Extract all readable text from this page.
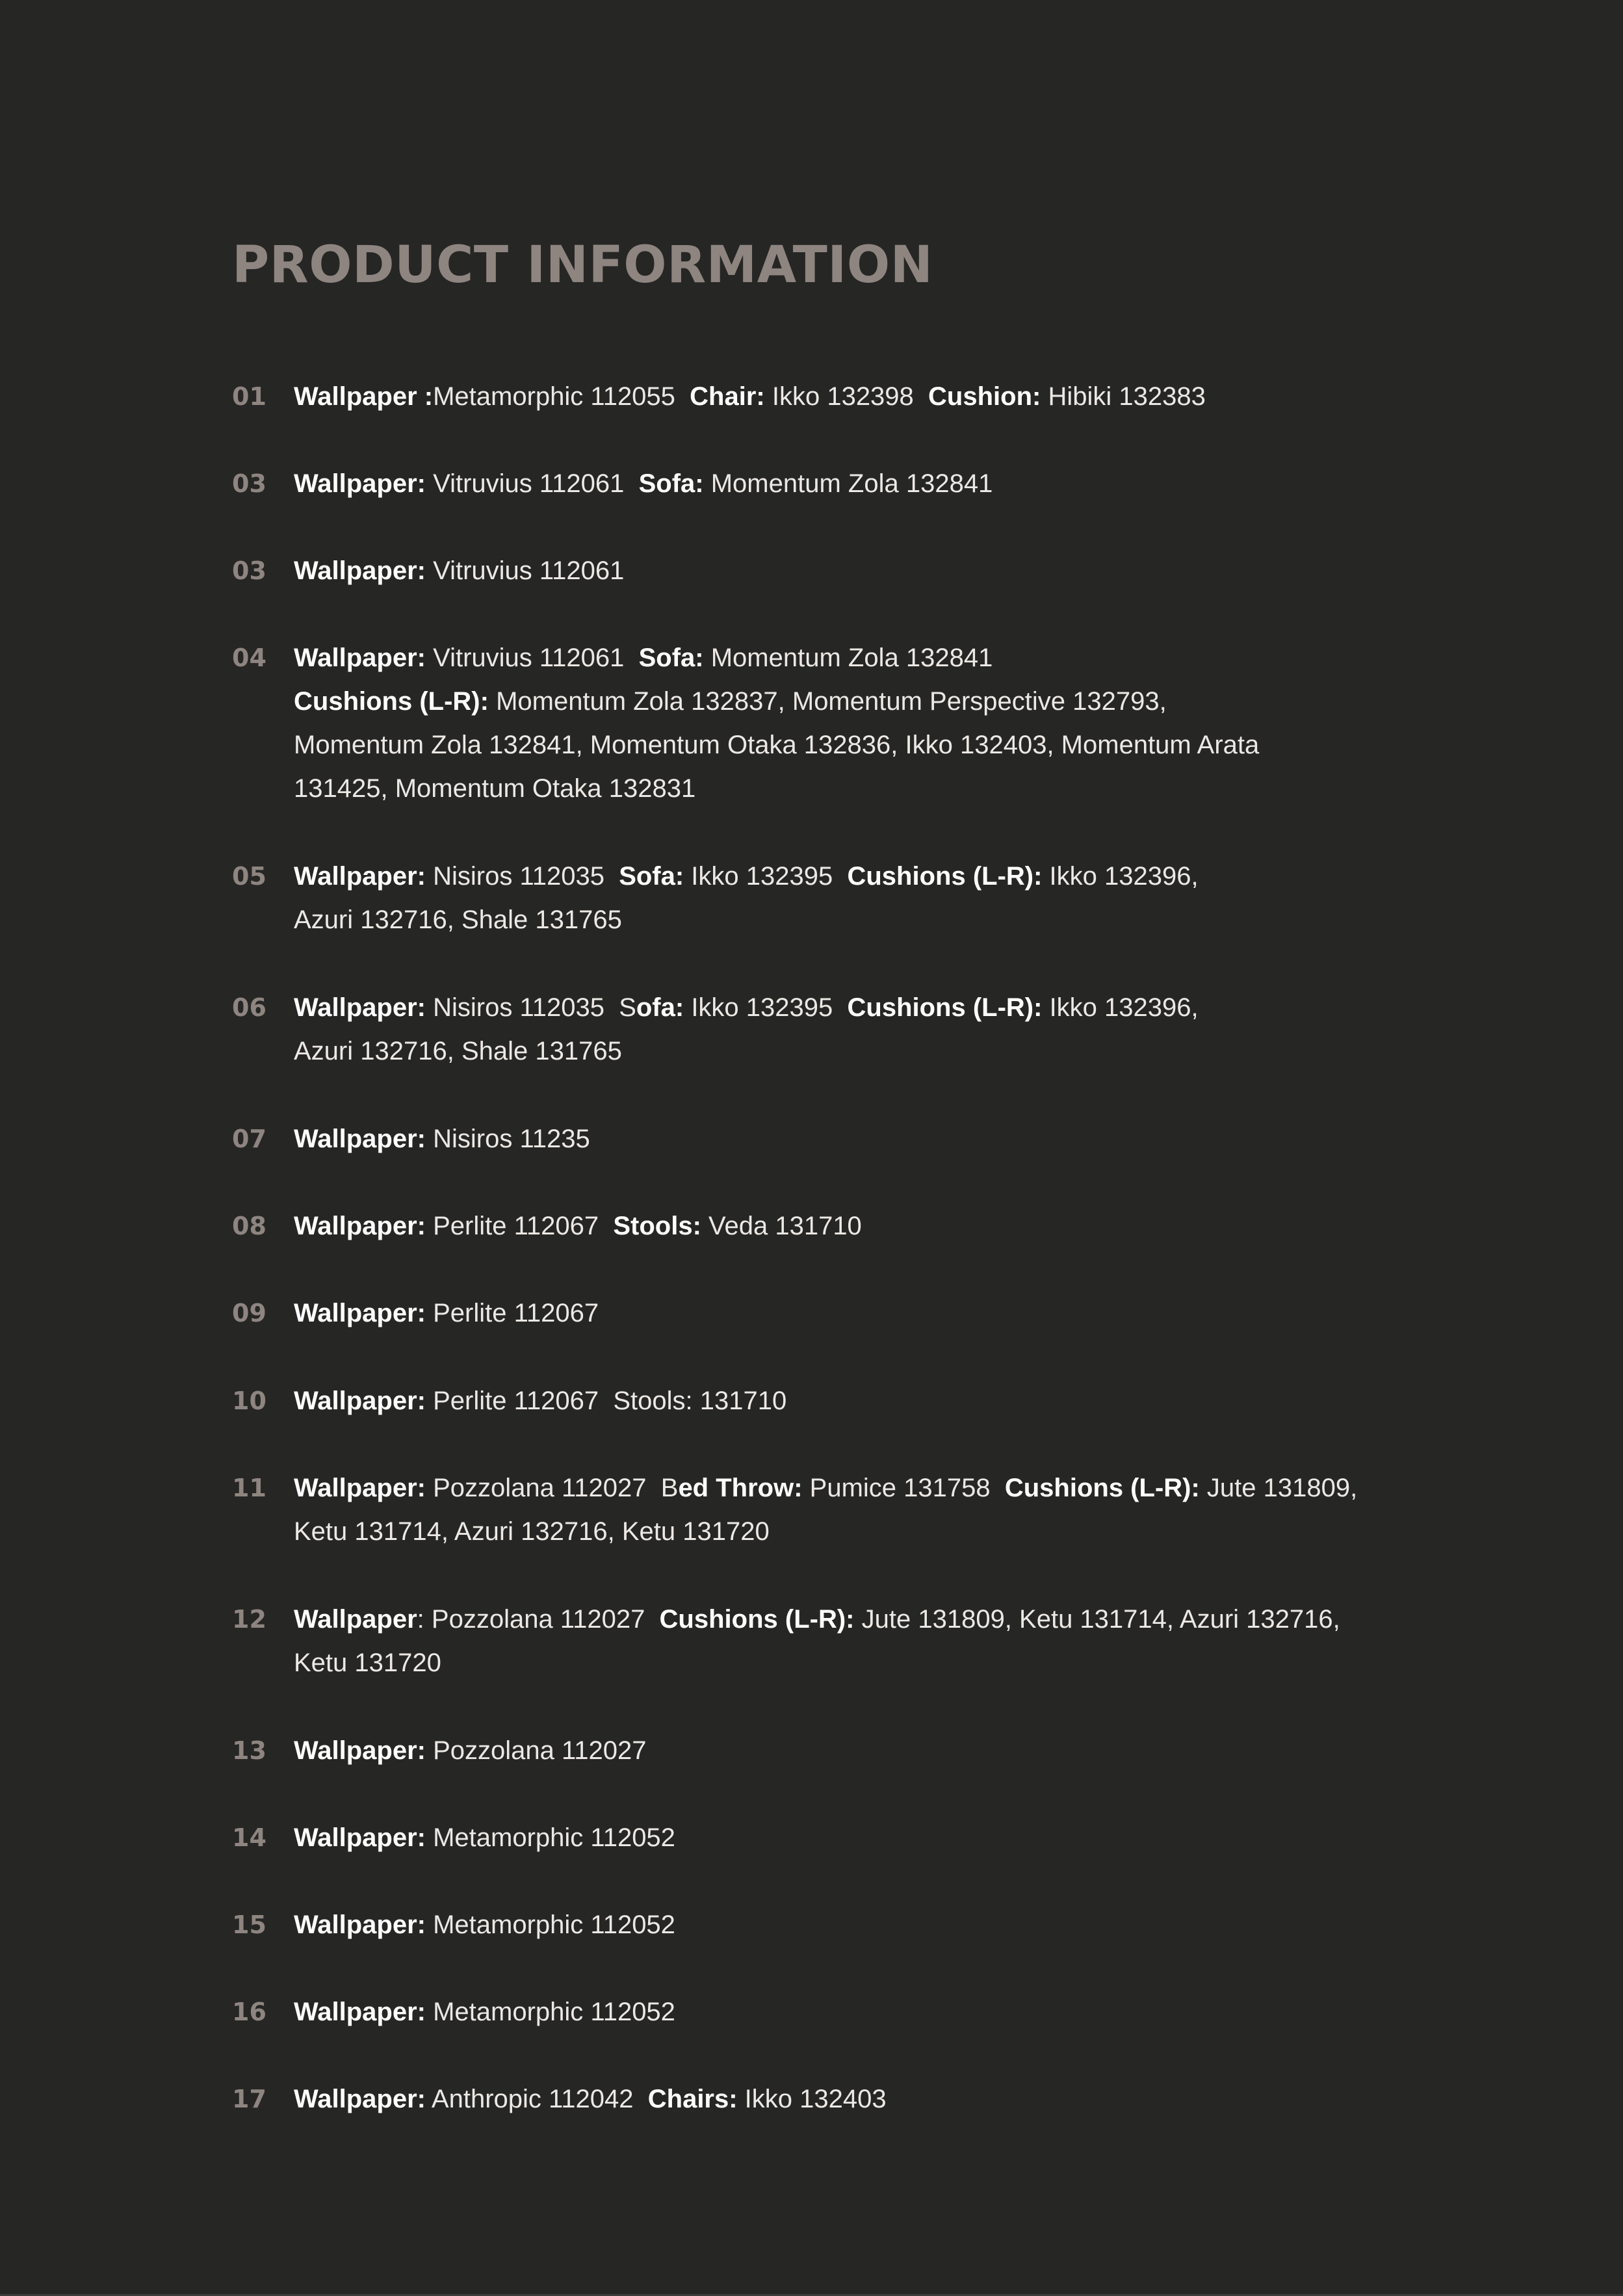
PRODUCT INFORMATION
01 Wallpaper :Metamorphic 112055  Chair: Ikko 132398  Cushion: Hibiki 132383
03 Wallpaper: Vitruvius 112061  Sofa: Momentum Zola 132841
03 Wallpaper: Vitruvius 112061
04 Wallpaper: Vitruvius 112061  Sofa: Momentum Zola 132841
Cushions (L-R): Momentum Zola 132837, Momentum Perspective 132793,
Momentum Zola 132841, Momentum Otaka 132836, Ikko 132403, Momentum Arata
131425, Momentum Otaka 132831
05 Wallpaper: Nisiros 112035  Sofa: Ikko 132395  Cushions (L-R): Ikko 132396,
Azuri 132716, Shale 131765
06 Wallpaper: Nisiros 112035  Sofa: Ikko 132395  Cushions (L-R): Ikko 132396,
Azuri 132716, Shale 131765
07 Wallpaper: Nisiros 11235
08 Wallpaper: Perlite 112067  Stools: Veda 131710
09 Wallpaper: Perlite 112067
10 Wallpaper: Perlite 112067  Stools: 131710
11 Wallpaper: Pozzolana 112027  Bed Throw: Pumice 131758  Cushions (L-R): Jute 131809,
Ketu 131714, Azuri 132716, Ketu 131720
12 Wallpaper: Pozzolana 112027  Cushions (L-R): Jute 131809, Ketu 131714, Azuri 132716,
Ketu 131720
13 Wallpaper: Pozzolana 112027
14 Wallpaper: Metamorphic 112052
15 Wallpaper: Metamorphic 112052
16 Wallpaper: Metamorphic 112052
17 Wallpaper: Anthropic 112042  Chairs: Ikko 132403
